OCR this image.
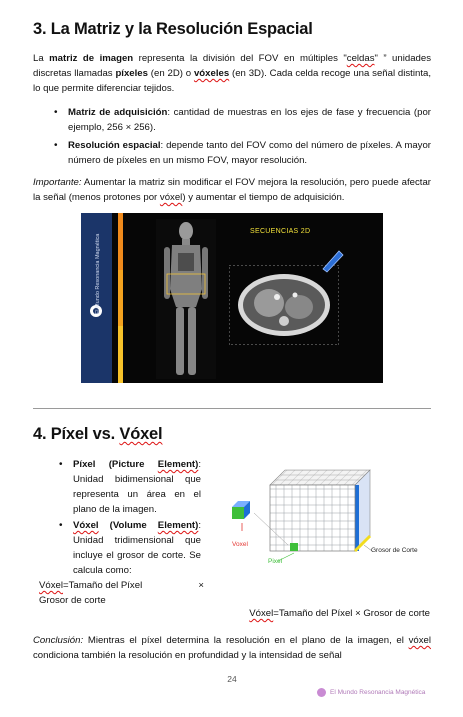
3. La Matriz y la Resolución Espacial
La matriz de imagen representa la división del FOV en múltiples "celdas" ” unidades discretas llamadas píxeles (en 2D) o vóxeles (en 3D). Cada celda recoge una señal distinta, lo que permite diferenciar tejidos.
• Matriz de adquisición: cantidad de muestras en los ejes de fase y frecuencia (por ejemplo, 256 × 256).
• Resolución espacial: depende tanto del FOV como del número de píxeles. A mayor número de píxeles en un mismo FOV, mayor resolución.
Importante: Aumentar la matriz sin modificar el FOV mejora la resolución, pero puede afectar la señal (menos protones por vóxel) y aumentar el tiempo de adquisición.
El Mundo Resonancia Magnética
SECUENCIAS 2D
4. Píxel vs. Vóxel
• Píxel (Picture Element): Unidad bidimensional que representa un área en el plano de la imagen.
• Vóxel (Volume Element): Unidad tridimensional que incluye el grosor de corte. Se calcula como:
Voxel
Pixel
Grosor de Corte
Vóxel=Tamaño del Píxel	×

Grosor de corte
Vóxel=Tamaño del Píxel × Grosor de corte
Conclusión: Mientras el píxel determina la resolución en el plano de la imagen, el vóxel condiciona también la resolución en profundidad y la intensidad de señal
24
El Mundo Resonancia Magnética
